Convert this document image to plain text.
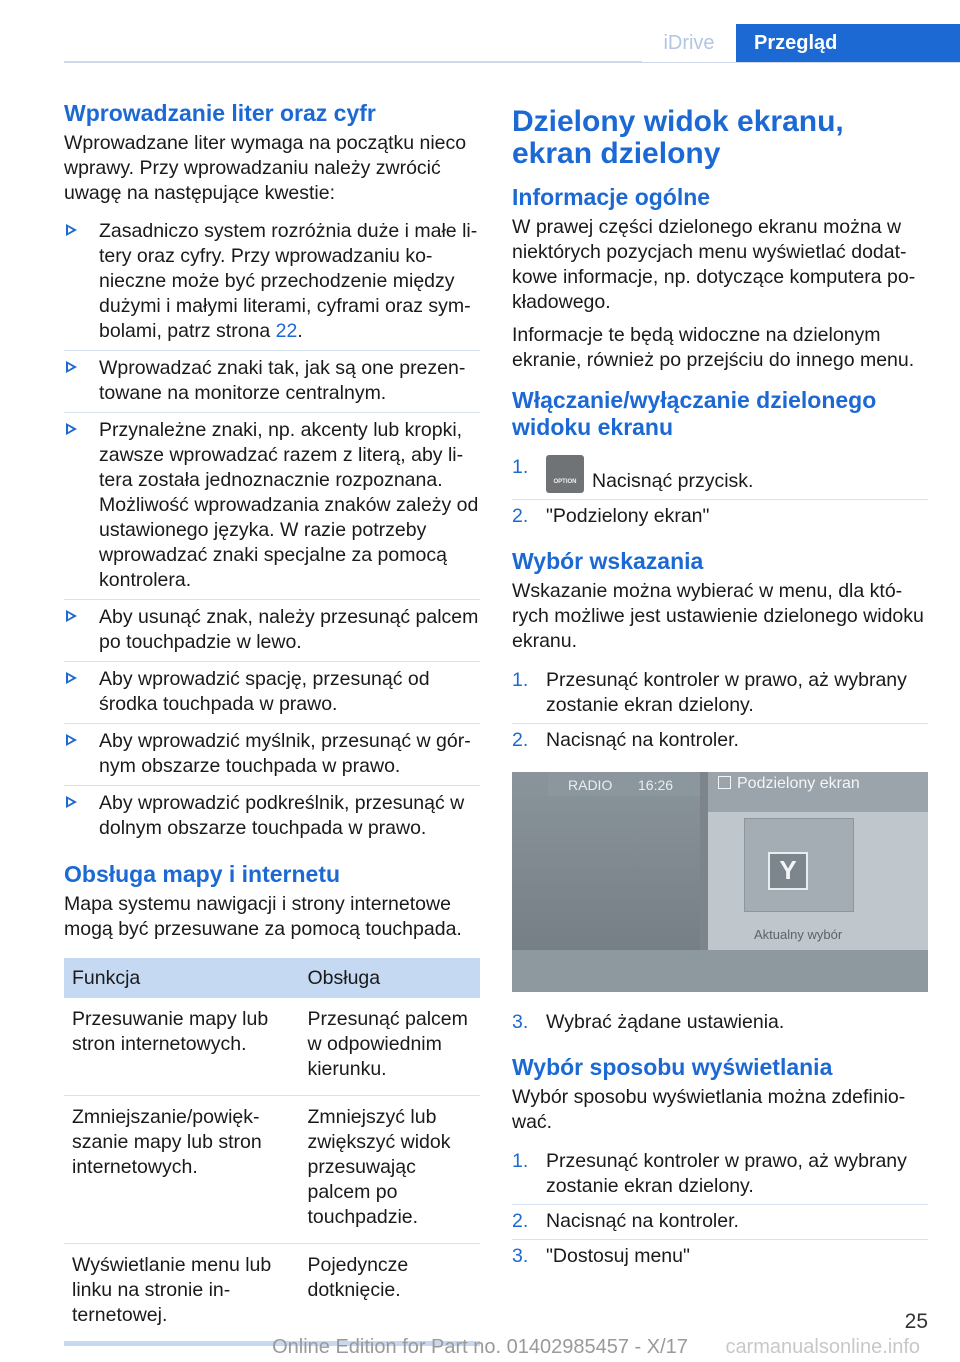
iDrive	Przegląd
Wprowadzanie liter oraz cyfr

Wprowadzane liter wymaga na początku nieco wprawy. Przy wprowadzaniu należy zwrócić uwagę na następujące kwestie:

Zasadniczo system rozróżnia duże i małe litery oraz cyfry. Przy wprowadzaniu konieczne może być przechodzenie między dużymi i małymi literami, cyframi oraz symbolami, patrz strona 22.
Wprowadzać znaki tak, jak są one prezentowane na monitorze centralnym.
Przynależne znaki, np. akcenty lub kropki, zawsze wprowadzać razem z literą, aby litera została jednoznacznie rozpoznana. Możliwość wprowadzania znaków zależy od ustawionego języka. W razie potrzeby wprowadzać znaki specjalne za pomocą kontrolera.
Aby usunąć znak, należy przesunąć palcem po touchpadzie w lewo.
Aby wprowadzić spację, przesunąć od środka touchpada w prawo.
Aby wprowadzić myślnik, przesunąć w górnym obszarze touchpada w prawo.
Aby wprowadzić podkreślnik, przesunąć w dolnym obszarze touchpada w prawo.
Obsługa mapy i internetu

Mapa systemu nawigacji i strony internetowe mogą być przesuwane za pomocą touchpada.

Funkcja	Obsługa
Przesuwanie mapy lub stron internetowych.	Przesunąć palcem w odpowiednim kierunku.
Zmniejszanie/powiększanie mapy lub stron internetowych.	Zmniejszyć lub zwiększyć widok przesuwając palcem po touchpadzie.
Wyświetlanie menu lub linku na stronie internetowej.	Pojedyncze dotknięcie.
Dzielony widok ekranu, ekran dzielony
Informacje ogólne

W prawej części dzielonego ekranu można w niektórych pozycjach menu wyświetlać dodatkowe informacje, np. dotyczące komputera pokładowego.

Informacje te będą widoczne na dzielonym ekranie, również po przejściu do innego menu.

Włączanie/wyłączanie dzielonego widoku ekranu
1.
OPTION Nacisnąć przycisk.
2. "Podzielony ekran"
Wybór wskazania

Wskazanie można wybierać w menu, dla których możliwe jest ustawienie dzielonego widoku ekranu.

1. Przesunąć kontroler w prawo, aż wybrany zostanie ekran dzielony.
2. Nacisnąć na kontroler.
RADIO 16:26	Podzielony ekran
Y
Aktualny wybór
3. Wybrać żądane ustawienia.
Wybór sposobu wyświetlania

Wybór sposobu wyświetlania można zdefiniować.

1. Przesunąć kontroler w prawo, aż wybrany zostanie ekran dzielony.
2. Nacisnąć na kontroler.
3. "Dostosuj menu"
25
Online Edition for Part no. 01402985457 - X/17	carmanualsonline.info
